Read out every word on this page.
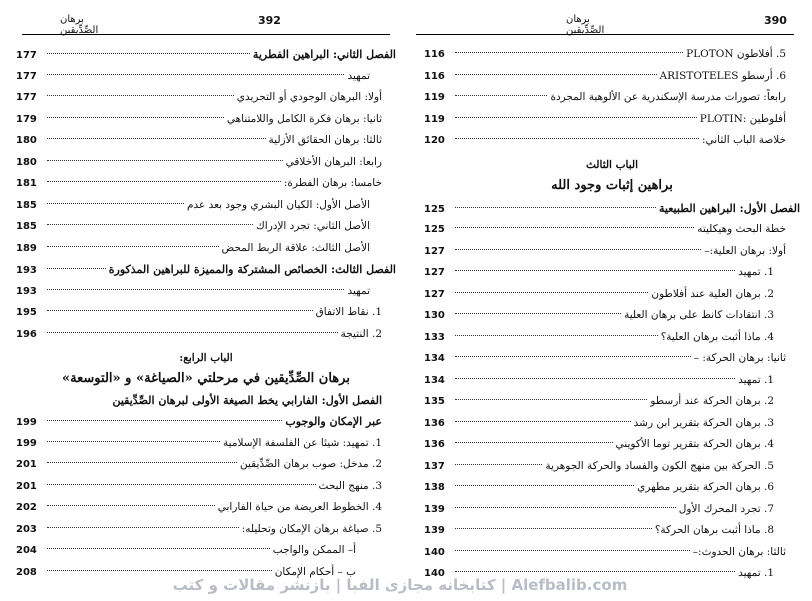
392
برهان الصِّدِّيقين
الفصل الثاني: البراهين الفطرية
177
تمهيد
177
أولا: البرهان الوجودي أو التجريدي
177
ثانيا: برهان فكرة الكامل واللامتناهي
179
ثالثا: برهان الحقائق الأزلية
180
رابعا: البرهان الأخلاقي
180
خامسا: برهان الفطرة:
181
الأصل الأول: الكيان البشري وجود بعد عدم
185
الأصل الثاني: تجرد الإدراك
185
الأصل الثالث: علاقة الربط المحض
189
الفصل الثالث: الخصائص المشتركة والمميزة للبراهين المذكورة
193
تمهيد
193
1. نقاط الاتفاق
195
2. النتيجة
196
الباب الرابع:
برهان الصِّدِّيقين في مرحلتي «الصياغة» و «التوسعة»
الفصل الأول: الفارابي يخط الصيغة الأولى لبرهان الصِّدِّيقين
عبر الإمكان والوجوب
199
1. تمهيد: شيئا عن الفلسفة الإسلامية
199
2. مدخل: صوب برهان الصِّدِّيقين
201
3. منهج البحث
201
4. الخطوط العريضة من حياة الفارابي
202
5. صياغة برهان الإمكان وتحليله:
203
أ– الممكن والواجب
204
ب – أحكام الإمكان
208
390
برهان الصِّدِّيقين
5. أفلاطون PLOTON
116
6. أرسطو ARISTOTELES
116
رابعاً: تصورات مدرسة الإسكندرية عن الألوهية المجردة
119
أفلوطين :PLOTIN
119
خلاصة الباب الثاني:
120
الباب الثالث
براهين إثبات وجود الله
الفصل الأول: البراهين الطبيعية
125
خطة البحث وهيكليته
125
أولا: برهان العلية:–
127
1. تمهيد
127
2. برهان العلية عند أفلاطون
127
3. انتقادات كانط على برهان العلية
130
4. ماذا أثبت برهان العلية؟
133
ثانيا: برهان الحركة: –
134
1. تمهيد
134
2. برهان الحركة عند أرسطو
135
3. برهان الحركة بتقرير ابن رشد
136
4. برهان الحركة بتقرير توما الأكويني
136
5. الحركة بين منهج الكون والفساد والحركة الجوهرية
137
6. برهان الحركة بتقرير مطهري
138
7. تجرد المحرك الأول
139
8. ماذا أثبت برهان الحركة؟
139
ثالثا: برهان الحدوث:–
140
1. تمهيد
140
Alefbalib.com | كتابخانه مجازی الفبا | بازنشر مقالات و کتب
